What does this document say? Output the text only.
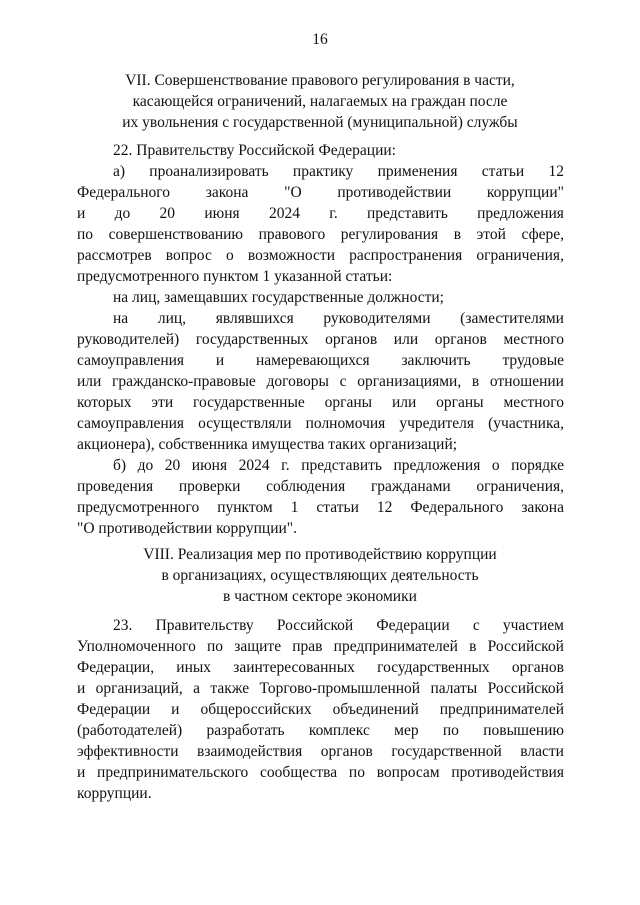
16
VII. Совершенствование правового регулирования в части,
касающейся ограничений, налагаемых на граждан после
их увольнения с государственной (муниципальной) службы
22. Правительству Российской Федерации:
а) проанализировать практику применения статьи 12
Федерального закона "О противодействии коррупции"
и до 20 июня 2024 г. представить предложения
по совершенствованию правового регулирования в этой сфере,
рассмотрев вопрос о возможности распространения ограничения,
предусмотренного пунктом 1 указанной статьи:
на лиц, замещавших государственные должности;
на лиц, являвшихся руководителями (заместителями
руководителей) государственных органов или органов местного
самоуправления и намеревающихся заключить трудовые
или гражданско-правовые договоры с организациями, в отношении
которых эти государственные органы или органы местного
самоуправления осуществляли полномочия учредителя (участника,
акционера), собственника имущества таких организаций;
б) до 20 июня 2024 г. представить предложения о порядке
проведения проверки соблюдения гражданами ограничения,
предусмотренного пунктом 1 статьи 12 Федерального закона
"О противодействии коррупции".
VIII. Реализация мер по противодействию коррупции
в организациях, осуществляющих деятельность
в частном секторе экономики
23. Правительству Российской Федерации с участием
Уполномоченного по защите прав предпринимателей в Российской
Федерации, иных заинтересованных государственных органов
и организаций, а также Торгово-промышленной палаты Российской
Федерации и общероссийских объединений предпринимателей
(работодателей) разработать комплекс мер по повышению
эффективности взаимодействия органов государственной власти
и предпринимательского сообщества по вопросам противодействия
коррупции.
